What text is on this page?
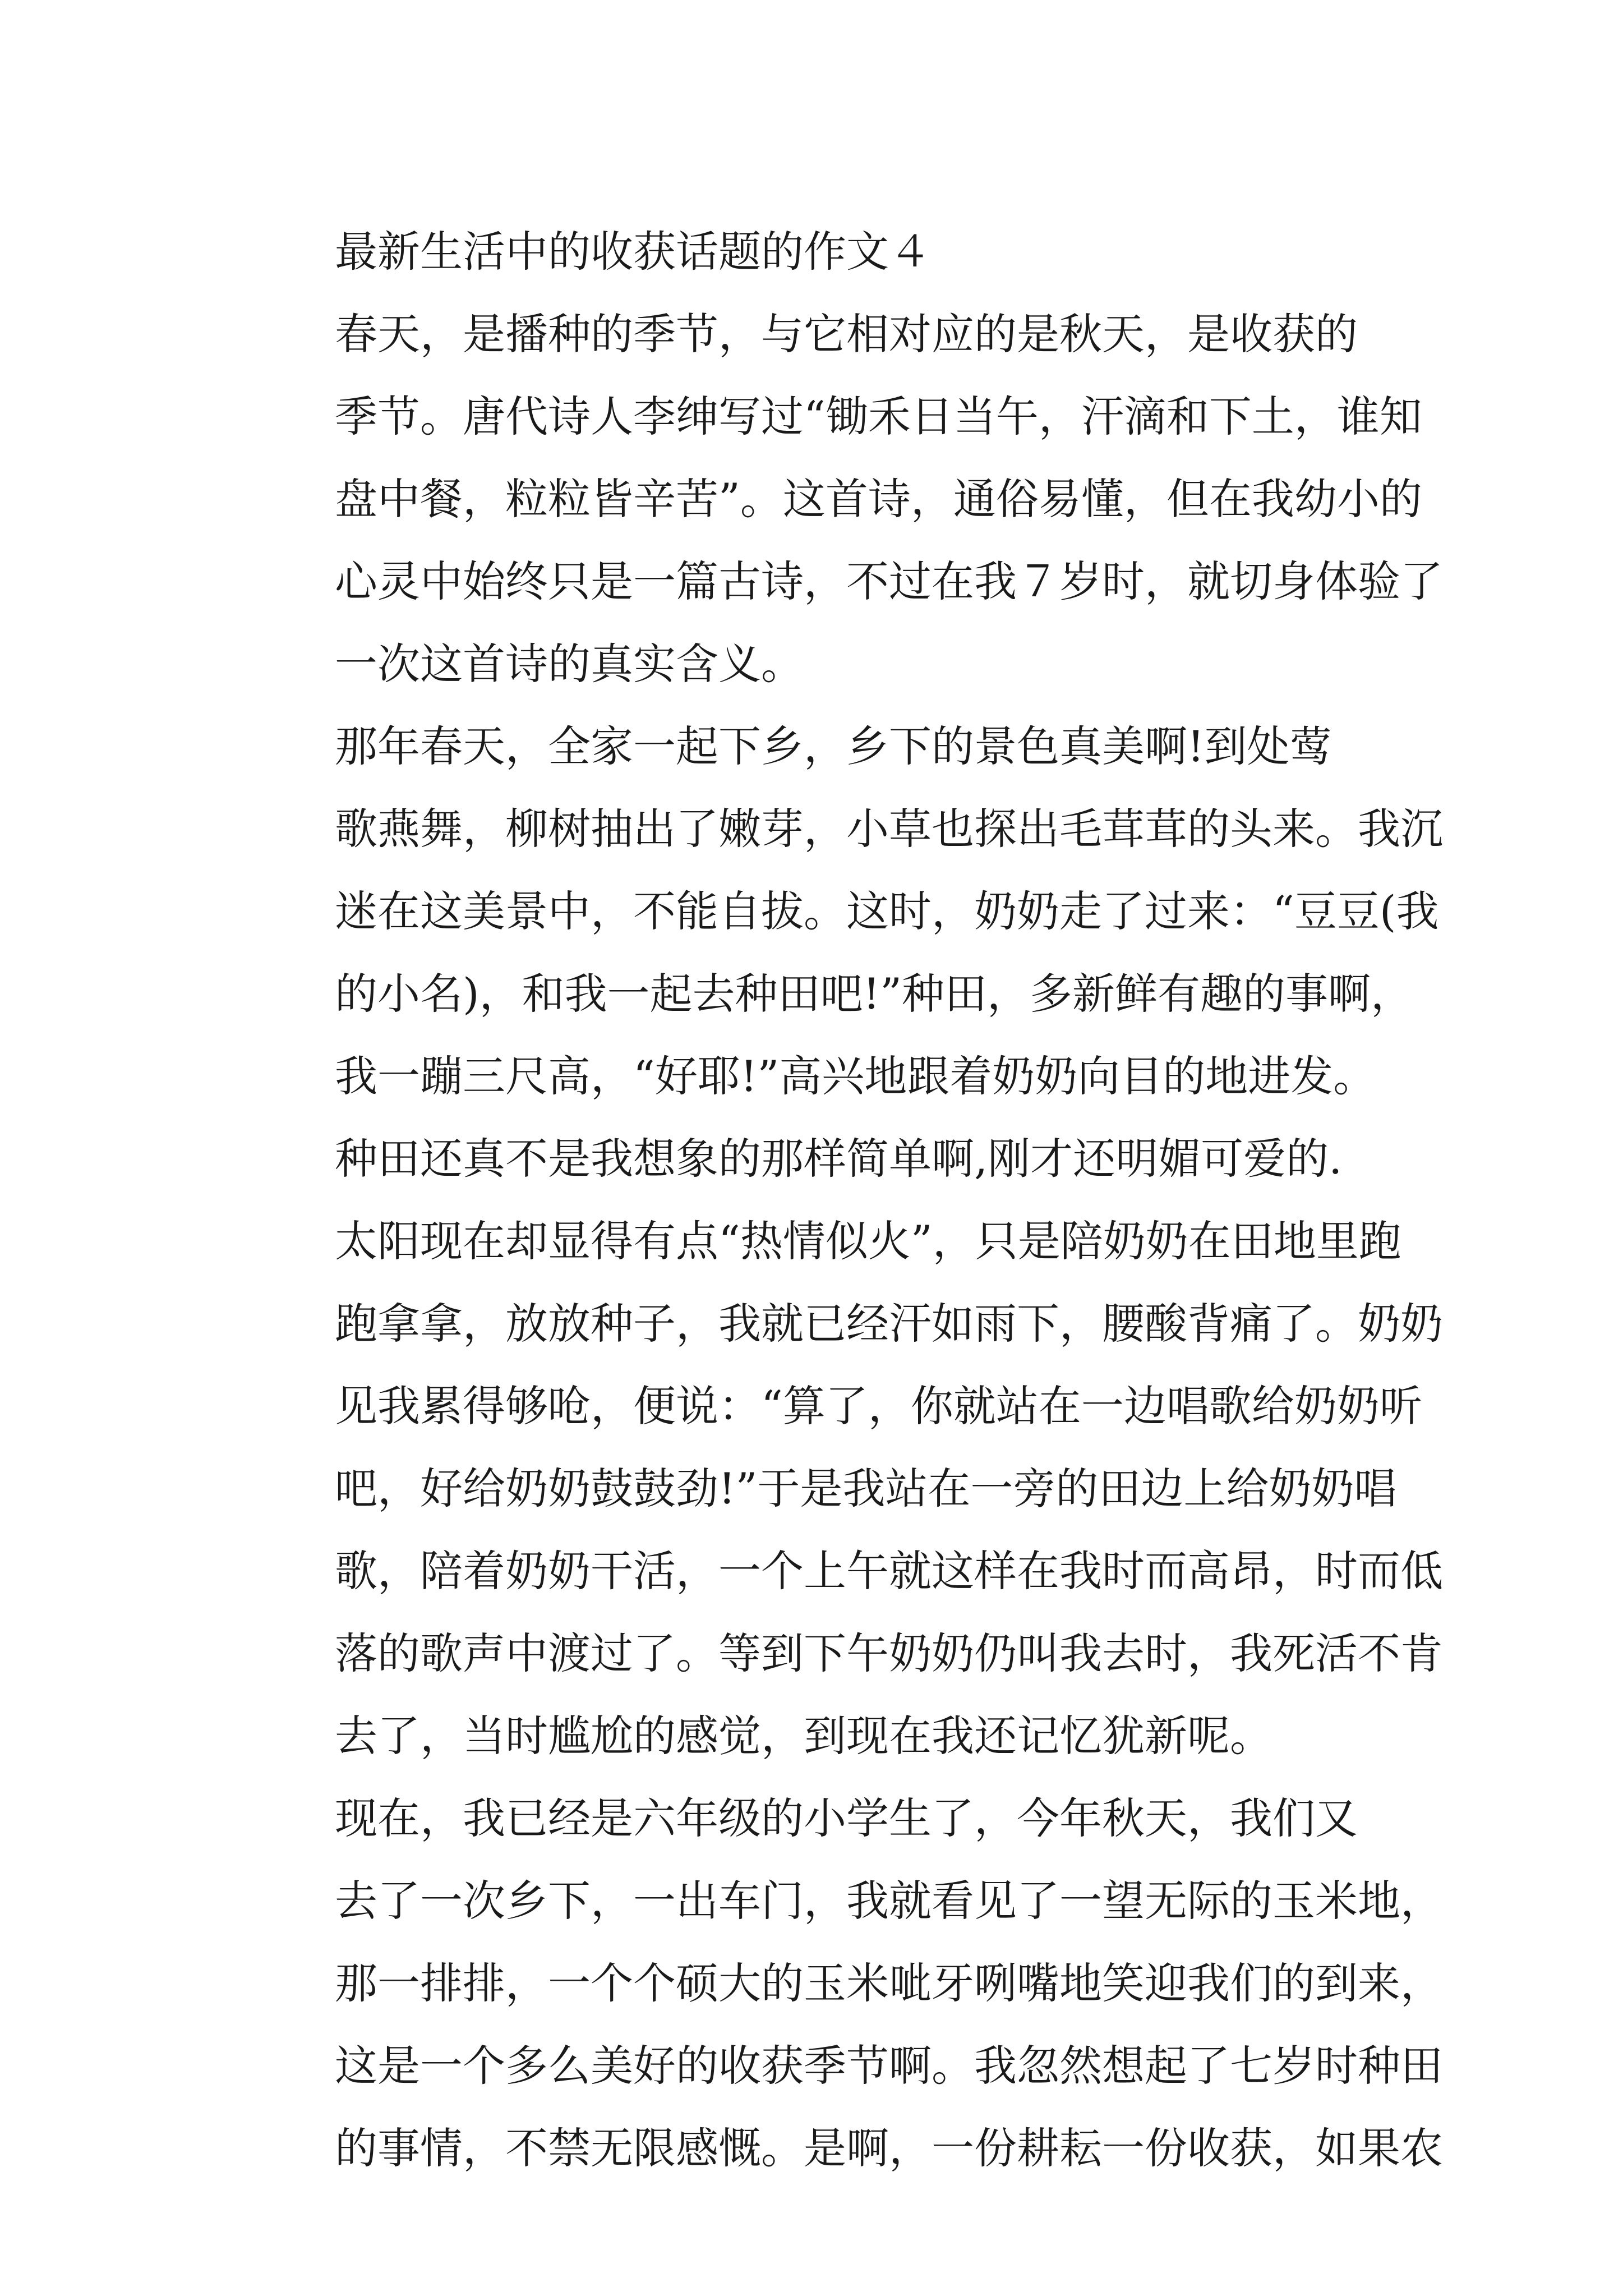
最新生活中的收获话题的作文４

春天，是播种的季节，与它相对应的是秋天，是收获的
季节。唐代诗人李绅写过“锄禾日当午，汗滴和下土，谁知
盘中餐，粒粒皆辛苦”。这首诗，通俗易懂，但在我幼小的
心灵中始终只是一篇古诗，不过在我７岁时，就切身体验了
一次这首诗的真实含义。

那年春天，全家一起下乡，乡下的景色真美啊!到处莺
歌燕舞，柳树抽出了嫩芽，小草也探出毛茸茸的头来。我沉
迷在这美景中，不能自拔。这时，奶奶走了过来：“豆豆(我
的小名)，和我一起去种田吧!”种田，多新鲜有趣的事啊，
我一蹦三尺高，“好耶!”高兴地跟着奶奶向目的地进发。

种田还真不是我想象的那样简单啊,刚才还明媚可爱的.
太阳现在却显得有点“热情似火”，只是陪奶奶在田地里跑
跑拿拿，放放种子，我就已经汗如雨下，腰酸背痛了。奶奶
见我累得够呛，便说：“算了，你就站在一边唱歌给奶奶听
吧，好给奶奶鼓鼓劲!”于是我站在一旁的田边上给奶奶唱
歌，陪着奶奶干活，一个上午就这样在我时而高昂，时而低
落的歌声中渡过了。等到下午奶奶仍叫我去时，我死活不肯
去了，当时尴尬的感觉，到现在我还记忆犹新呢。

现在，我已经是六年级的小学生了，今年秋天，我们又
去了一次乡下，一出车门，我就看见了一望无际的玉米地，
那一排排，一个个硕大的玉米呲牙咧嘴地笑迎我们的到来，
这是一个多么美好的收获季节啊。我忽然想起了七岁时种田
的事情，不禁无限感慨。是啊，一份耕耘一份收获，如果农
